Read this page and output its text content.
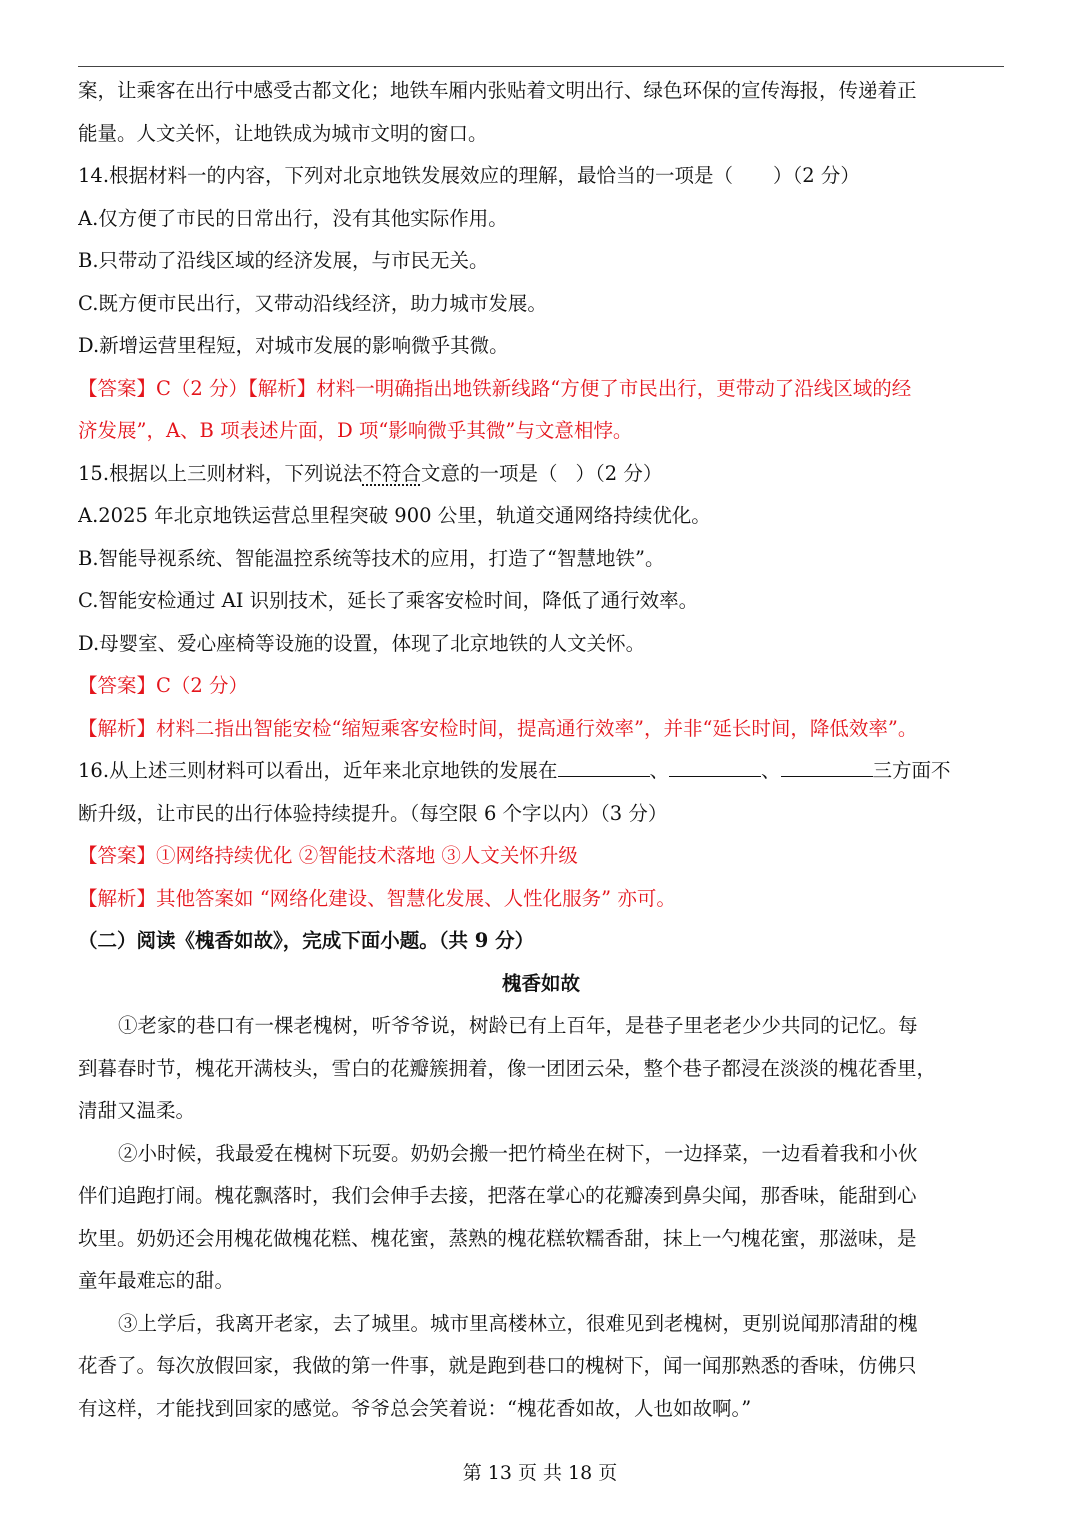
案，让乘客在出行中感受古都文化；地铁车厢内张贴着文明出行、绿色环保的宣传海报，传递着正
能量。人文关怀，让地铁成为城市文明的窗口。
14.根据材料一的内容，下列对北京地铁发展效应的理解，最恰当的一项是（ ）（2 分）
A.仅方便了市民的日常出行，没有其他实际作用。
B.只带动了沿线区域的经济发展，与市民无关。
C.既方便市民出行，又带动沿线经济，助力城市发展。
D.新增运营里程短，对城市发展的影响微乎其微。
【答案】C（2 分）【解析】材料一明确指出地铁新线路“方便了市民出行，更带动了沿线区域的经
济发展”，A、B 项表述片面，D 项“影响微乎其微”与文意相悖。
15.根据以上三则材料，下列说法不符合文意的一项是（ ）（2 分）
A.2025 年北京地铁运营总里程突破 900 公里，轨道交通网络持续优化。
B.智能导视系统、智能温控系统等技术的应用，打造了“智慧地铁”。
C.智能安检通过 AI 识别技术，延长了乘客安检时间，降低了通行效率。
D.母婴室、爱心座椅等设施的设置，体现了北京地铁的人文关怀。
【答案】C（2 分）
【解析】材料二指出智能安检“缩短乘客安检时间，提高通行效率”，并非“延长时间，降低效率”。
16.从上述三则材料可以看出，近年来北京地铁的发展在	、	、	三方面不
断升级，让市民的出行体验持续提升。（每空限 6 个字以内）（3 分）
【答案】①网络持续优化 ②智能技术落地 ③人文关怀升级
【解析】其他答案如 “网络化建设、智慧化发展、人性化服务” 亦可。
（二）阅读《槐香如故》，完成下面小题。（共 9 分）
槐香如故
①老家的巷口有一棵老槐树，听爷爷说，树龄已有上百年，是巷子里老老少少共同的记忆。每
到暮春时节，槐花开满枝头，雪白的花瓣簇拥着，像一团团云朵，整个巷子都浸在淡淡的槐花香里，
清甜又温柔。
②小时候，我最爱在槐树下玩耍。奶奶会搬一把竹椅坐在树下，一边择菜，一边看着我和小伙
伴们追跑打闹。槐花飘落时，我们会伸手去接，把落在掌心的花瓣凑到鼻尖闻，那香味，能甜到心
坎里。奶奶还会用槐花做槐花糕、槐花蜜，蒸熟的槐花糕软糯香甜，抹上一勺槐花蜜，那滋味，是
童年最难忘的甜。
③上学后，我离开老家，去了城里。城市里高楼林立，很难见到老槐树，更别说闻那清甜的槐
花香了。每次放假回家，我做的第一件事，就是跑到巷口的槐树下，闻一闻那熟悉的香味，仿佛只
有这样，才能找到回家的感觉。爷爷总会笑着说：“槐花香如故，人也如故啊。”
第 13 页 共 18 页
